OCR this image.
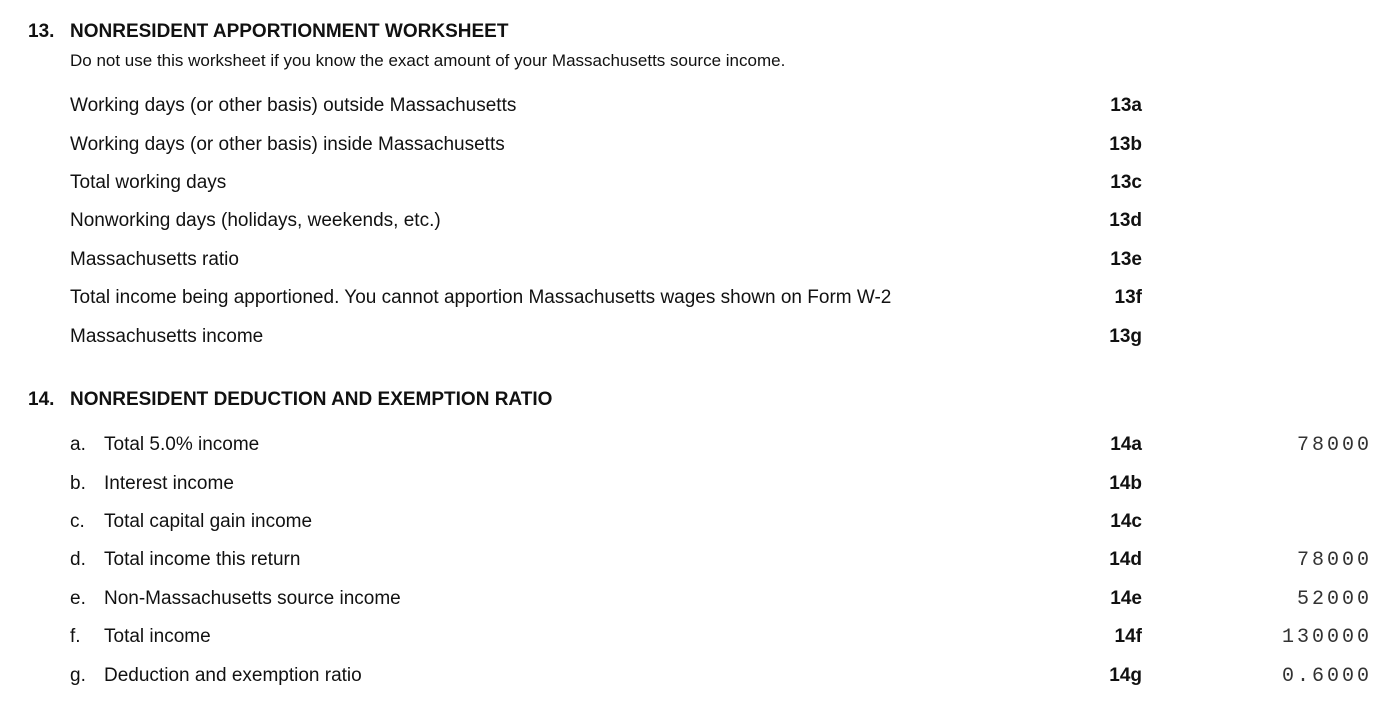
13. NONRESIDENT APPORTIONMENT WORKSHEET
Do not use this worksheet if you know the exact amount of your Massachusetts source income.
Working days (or other basis) outside Massachusetts	13a
Working days (or other basis) inside Massachusetts	13b
Total working days	13c
Nonworking days (holidays, weekends, etc.)	13d
Massachusetts ratio	13e
Total income being apportioned. You cannot apportion Massachusetts wages shown on Form W-2	13f
Massachusetts income	13g
14. NONRESIDENT DEDUCTION AND EXEMPTION RATIO
a. Total 5.0% income	14a	78000
b. Interest income	14b
c. Total capital gain income	14c
d. Total income this return	14d	78000
e. Non-Massachusetts source income	14e	52000
f. Total income	14f	130000
g. Deduction and exemption ratio	14g	0.6000
